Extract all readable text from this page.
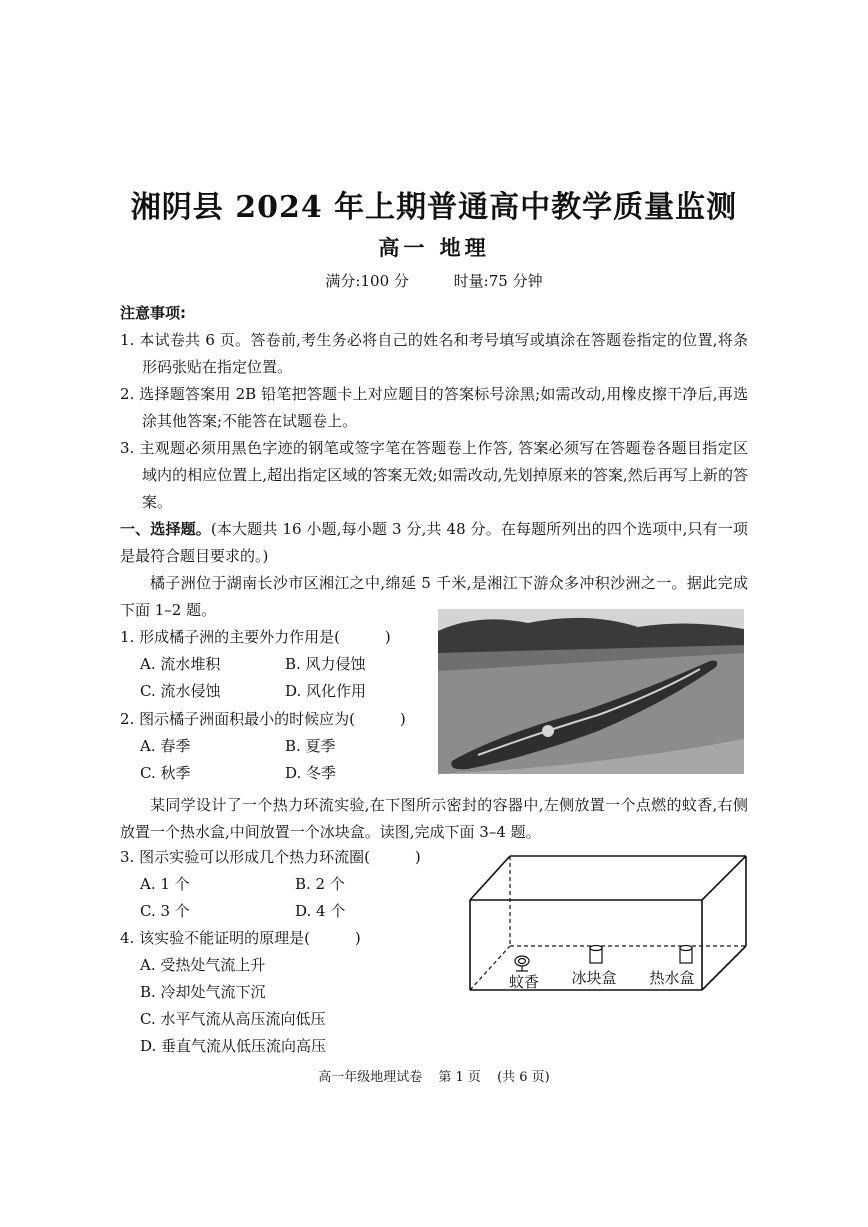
湘阴县 2024 年上期普通高中教学质量监测
高一 地理
满分:100 分	时量:75 分钟
注意事项:
1. 本试卷共 6 页。答卷前,考生务必将自己的姓名和考号填写或填涂在答题卷指定的位置,将条形码张贴在指定位置。
2. 选择题答案用 2B 铅笔把答题卡上对应题目的答案标号涂黑;如需改动,用橡皮擦干净后,再选涂其他答案;不能答在试题卷上。
3. 主观题必须用黑色字迹的钢笔或签字笔在答题卷上作答, 答案必须写在答题卷各题目指定区域内的相应位置上,超出指定区域的答案无效;如需改动,先划掉原来的答案,然后再写上新的答案。
一、选择题。(本大题共 16 小题,每小题 3 分,共 48 分。在每题所列出的四个选项中,只有一项是最符合题目要求的。)
橘子洲位于湖南长沙市区湘江之中,绵延 5 千米,是湘江下游众多冲积沙洲之一。据此完成下面 1–2 题。
1. 形成橘子洲的主要外力作用是(　　　)
A. 流水堆积	B. 风力侵蚀
C. 流水侵蚀	D. 风化作用
2. 图示橘子洲面积最小的时候应为(　　　)
A. 春季	B. 夏季
C. 秋季	D. 冬季
某同学设计了一个热力环流实验,在下图所示密封的容器中,左侧放置一个点燃的蚊香,右侧放置一个热水盒,中间放置一个冰块盒。读图,完成下面 3–4 题。
3. 图示实验可以形成几个热力环流圈(　　　)
A. 1 个	B. 2 个
C. 3 个	D. 4 个
4. 该实验不能证明的原理是(　　　)
A. 受热处气流上升
B. 冷却处气流下沉
C. 水平气流从高压流向低压
D. 垂直气流从低压流向高压
蚊香 冰块盒 热水盒
高一年级地理试卷 第 1 页 (共 6 页)
